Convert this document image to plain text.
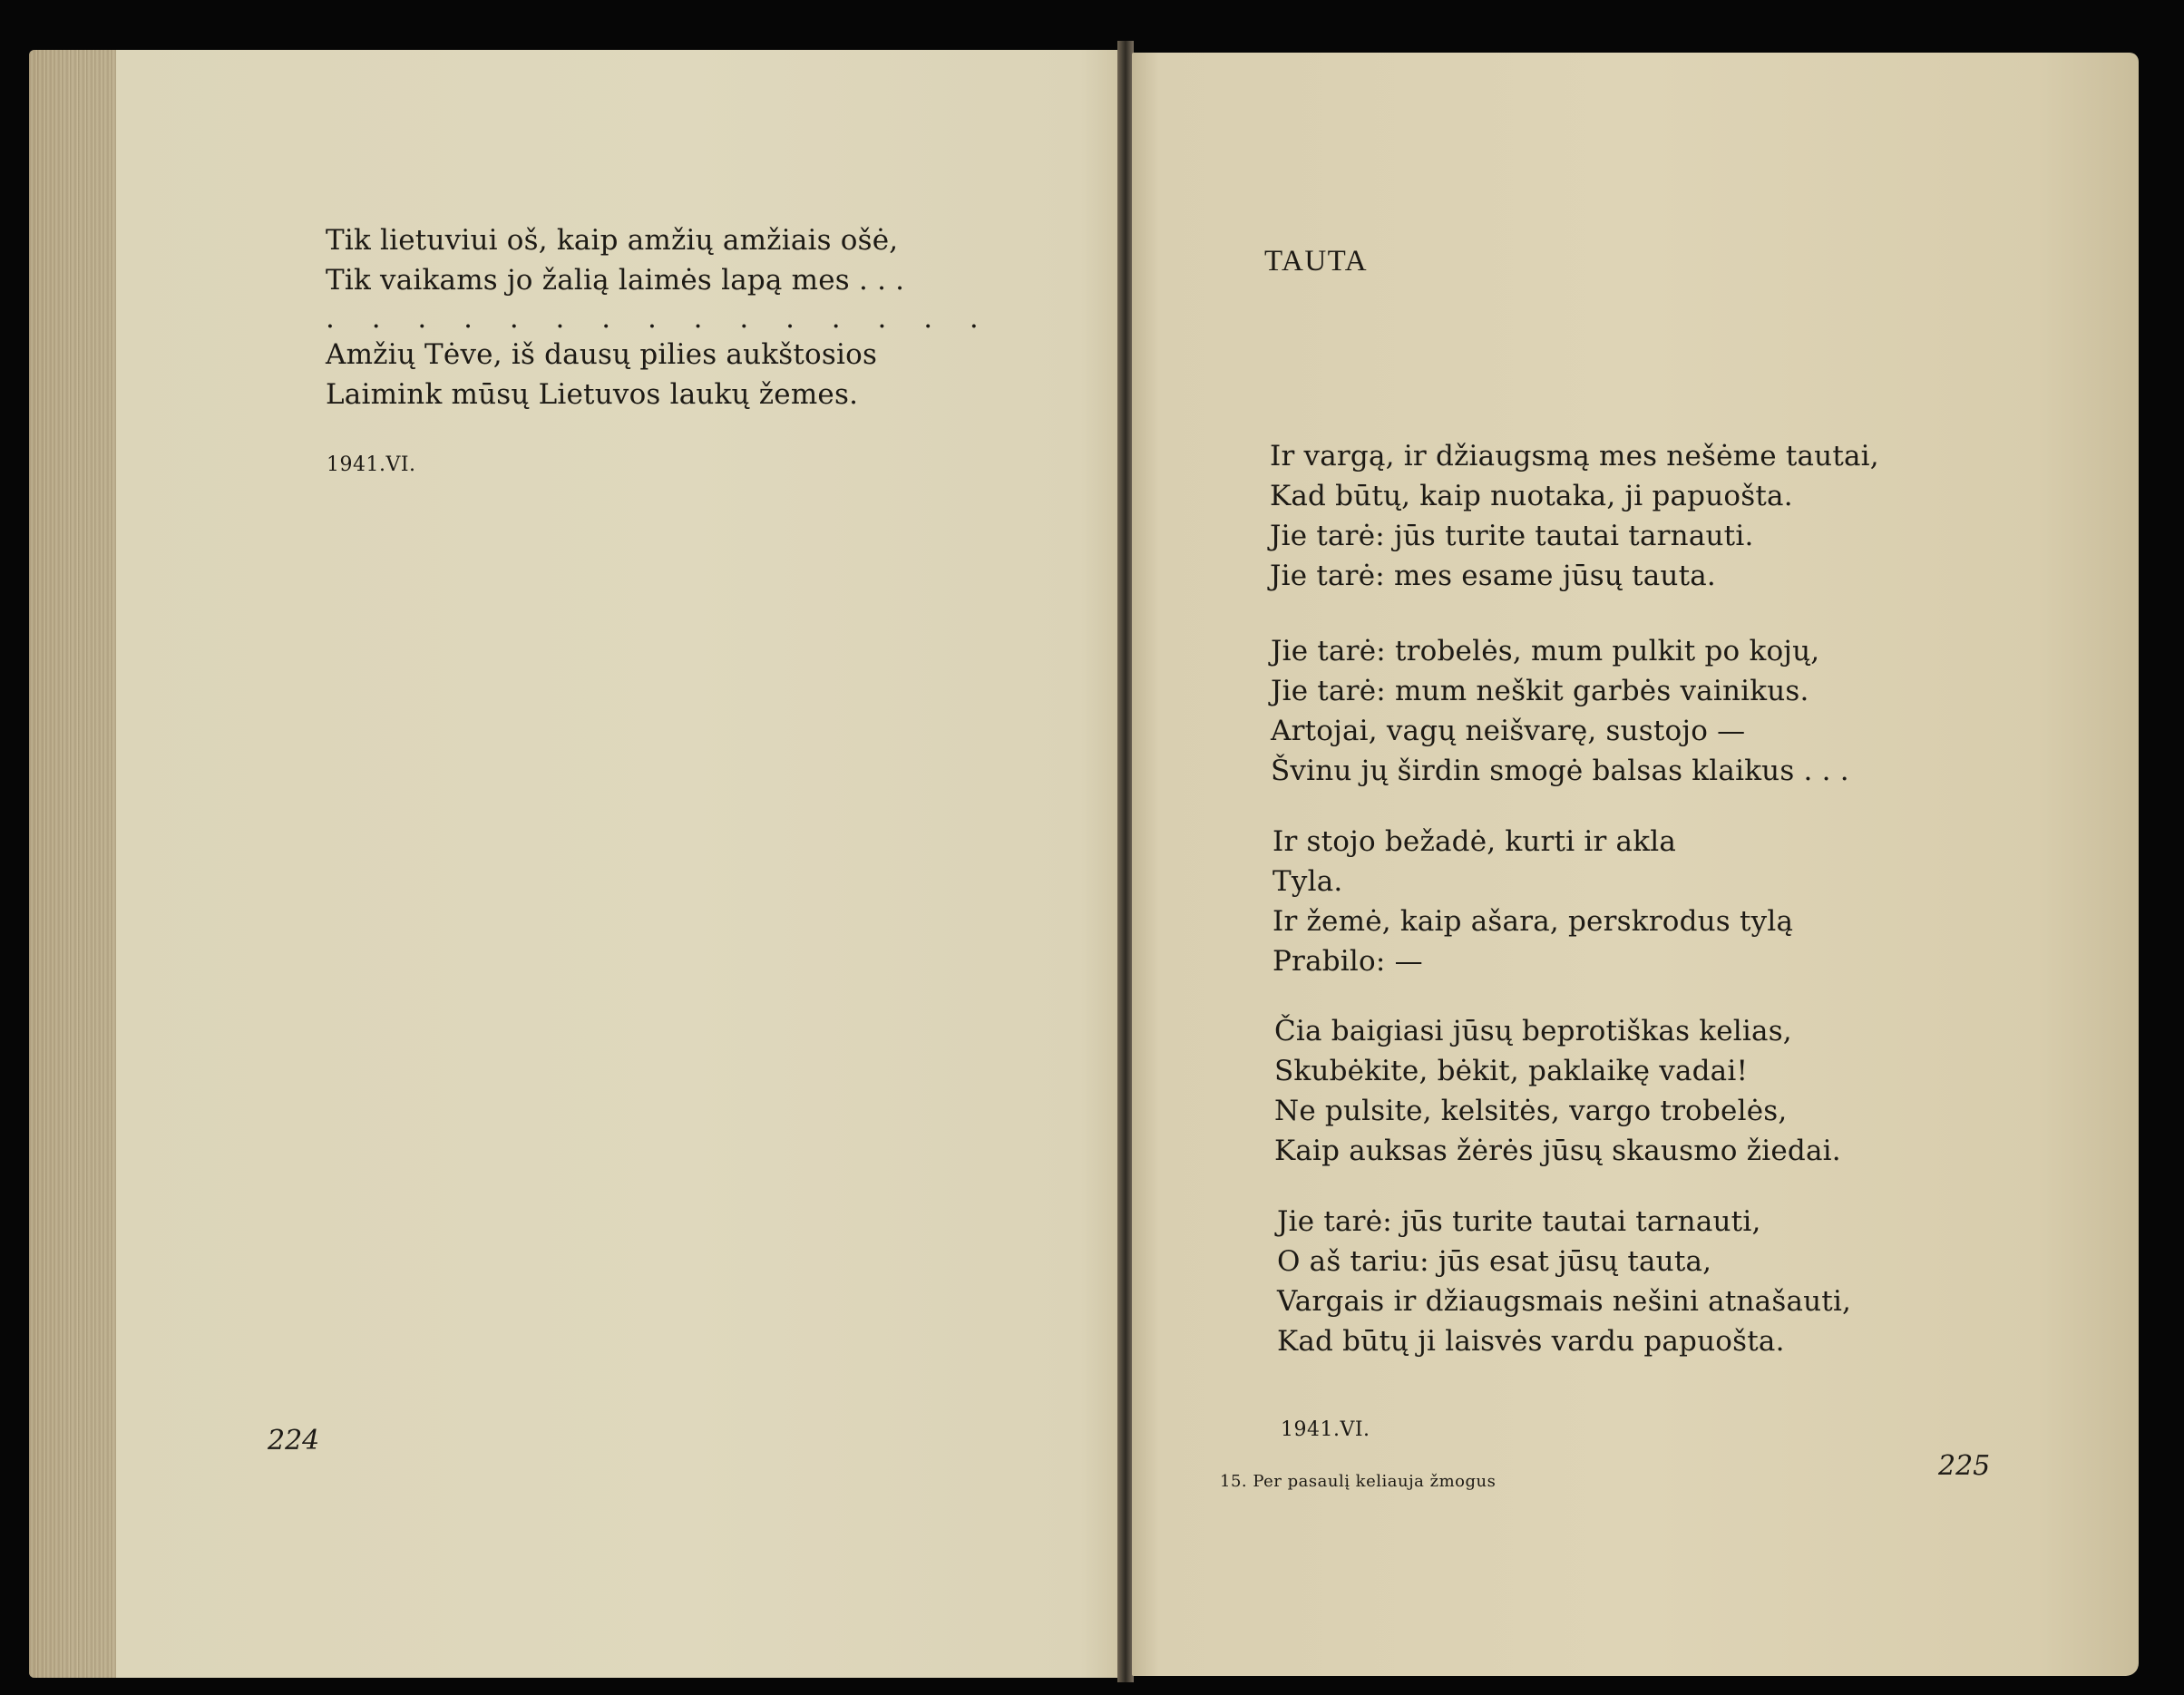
Tik lietuviui oš, kaip amžių amžiais ošė,
Tik vaikams jo žalią laimės lapą mes . . .

. . . . . . . . . . . . . . .

Amžių Tėve, iš dausų pilies aukštosios
Laimink mūsų Lietuvos laukų žemes.

1941.VI.
224
TAUTA

Ir vargą, ir džiaugsmą mes nešėme tautai,
Kad būtų, kaip nuotaka, ji papuošta.
Jie tarė: jūs turite tautai tarnauti.
Jie tarė: mes esame jūsų tauta.

Jie tarė: trobelės, mum pulkit po kojų,
Jie tarė: mum neškit garbės vainikus.
Artojai, vagų neišvarę, sustojo —
Švinu jų širdin smogė balsas klaikus . . .

Ir stojo bežadė, kurti ir akla
Tyla.
Ir žemė, kaip ašara, perskrodus tylą
Prabilo: —

Čia baigiasi jūsų beprotiškas kelias,
Skubėkite, bėkit, paklaikę vadai!
Ne pulsite, kelsitės, vargo trobelės,
Kaip auksas žėrės jūsų skausmo žiedai.

Jie tarė: jūs turite tautai tarnauti,
O aš tariu: jūs esat jūsų tauta,
Vargais ir džiaugsmais nešini atnašauti,
Kad būtų ji laisvės vardu papuošta.

1941.VI.
15. Per pasaulį keliauja žmogus	225
